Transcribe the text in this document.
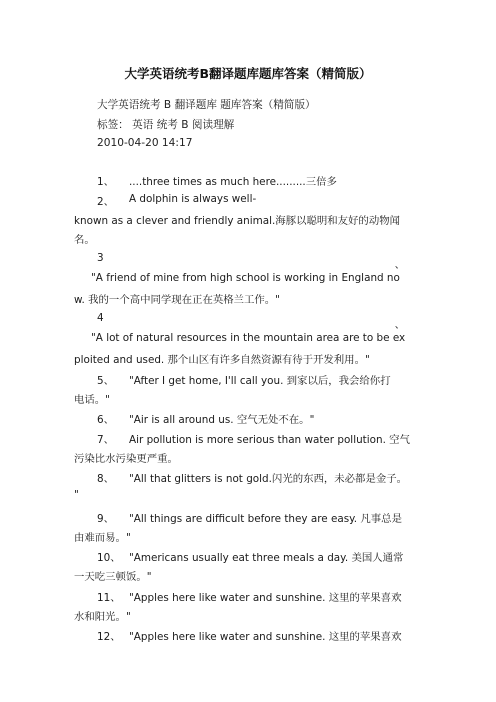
大学英语统考B翻译题库题库答案（精简版）
大学英语统考 B 翻译题库 题库答案（精简版）
标签： 英语 统考 B 阅读理解
2010-04-20 14:17
1、 ....three times as much here.........三倍多
2、 A dolphin is always well-
known as a clever and friendly animal.海豚以聪明和友好的动物闻
名。
3
、
"A friend of mine from high school is working in England no
w. 我的一个高中同学现在正在英格兰工作。"
4
、
"A lot of natural resources in the mountain area are to be ex
ploited and used. 那个山区有许多自然资源有待于开发利用。"
5、 "After I get home, I'll call you. 到家以后，我会给你打
电话。"
6、 "Air is all around us. 空气无处不在。"
7、 Air pollution is more serious than water pollution. 空气
污染比水污染更严重。
8、 "All that glitters is not gold.闪光的东西，未必都是金子。
"
9、 "All things are difficult before they are easy. 凡事总是
由难而易。"
10、 "Americans usually eat three meals a day. 美国人通常
一天吃三顿饭。"
11、 "Apples here like water and sunshine. 这里的苹果喜欢
水和阳光。"
12、 "Apples here like water and sunshine. 这里的苹果喜欢
